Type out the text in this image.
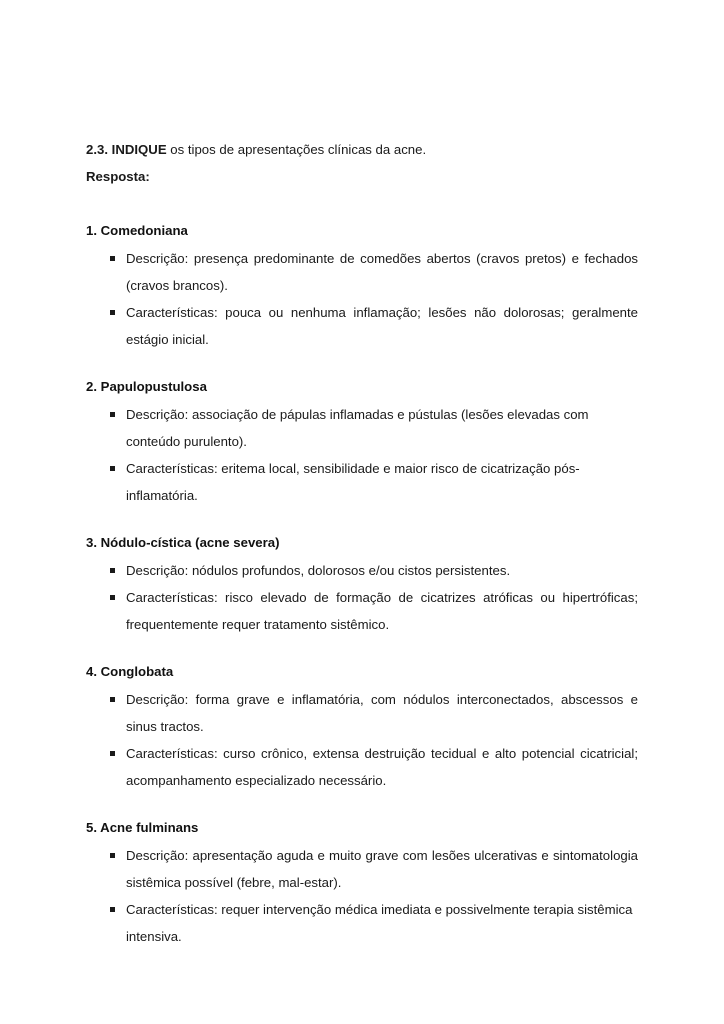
2.3. INDIQUE os tipos de apresentações clínicas da acne.
Resposta:
1. Comedoniana
Descrição: presença predominante de comedões abertos (cravos pretos) e fechados (cravos brancos).
Características: pouca ou nenhuma inflamação; lesões não dolorosas; geralmente estágio inicial.
2. Papulopustulosa
Descrição: associação de pápulas inflamadas e pústulas (lesões elevadas com conteúdo purulento).
Características: eritema local, sensibilidade e maior risco de cicatrização pós-inflamatória.
3. Nódulo-cística (acne severa)
Descrição: nódulos profundos, dolorosos e/ou cistos persistentes.
Características: risco elevado de formação de cicatrizes atróficas ou hipertróficas; frequentemente requer tratamento sistêmico.
4. Conglobata
Descrição: forma grave e inflamatória, com nódulos interconectados, abscessos e sinus tractos.
Características: curso crônico, extensa destruição tecidual e alto potencial cicatricial; acompanhamento especializado necessário.
5. Acne fulminans
Descrição: apresentação aguda e muito grave com lesões ulcerativas e sintomatologia sistêmica possível (febre, mal-estar).
Características: requer intervenção médica imediata e possivelmente terapia sistêmica intensiva.
